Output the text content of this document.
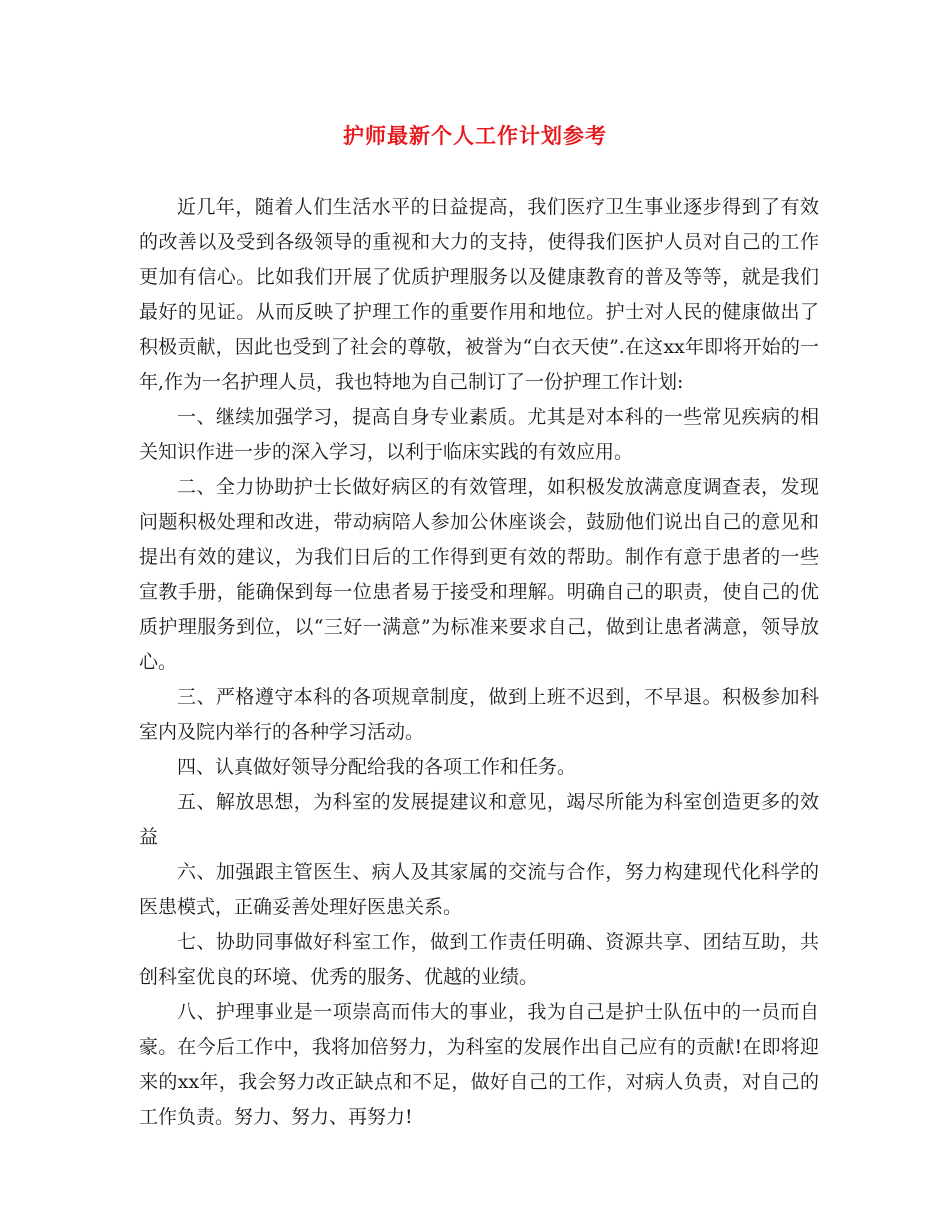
护师最新个人工作计划参考

近几年，随着人们生活水平的日益提高，我们医疗卫生事业逐步得到了有效的改善以及受到各级领导的重视和大力的支持，使得我们医护人员对自己的工作更加有信心。比如我们开展了优质护理服务以及健康教育的普及等等，就是我们最好的见证。从而反映了护理工作的重要作用和地位。护士对人民的健康做出了积极贡献，因此也受到了社会的尊敬，被誉为“白衣天使”.在这xx年即将开始的一年,作为一名护理人员，我也特地为自己制订了一份护理工作计划:

一、继续加强学习，提高自身专业素质。尤其是对本科的一些常见疾病的相关知识作进一步的深入学习，以利于临床实践的有效应用。

二、全力协助护士长做好病区的有效管理，如积极发放满意度调查表，发现问题积极处理和改进，带动病陪人参加公休座谈会，鼓励他们说出自己的意见和提出有效的建议，为我们日后的工作得到更有效的帮助。制作有意于患者的一些宣教手册，能确保到每一位患者易于接受和理解。明确自己的职责，使自己的优质护理服务到位，以“三好一满意”为标准来要求自己，做到让患者满意，领导放心。

三、严格遵守本科的各项规章制度，做到上班不迟到，不早退。积极参加科室内及院内举行的各种学习活动。

四、认真做好领导分配给我的各项工作和任务。

五、解放思想，为科室的发展提建议和意见，竭尽所能为科室创造更多的效益

六、加强跟主管医生、病人及其家属的交流与合作，努力构建现代化科学的医患模式，正确妥善处理好医患关系。

七、协助同事做好科室工作，做到工作责任明确、资源共享、团结互助，共创科室优良的环境、优秀的服务、优越的业绩。

八、护理事业是一项崇高而伟大的事业，我为自己是护士队伍中的一员而自豪。在今后工作中，我将加倍努力，为科室的发展作出自己应有的贡献!在即将迎来的xx年，我会努力改正缺点和不足，做好自己的工作，对病人负责，对自己的工作负责。努力、努力、再努力!
